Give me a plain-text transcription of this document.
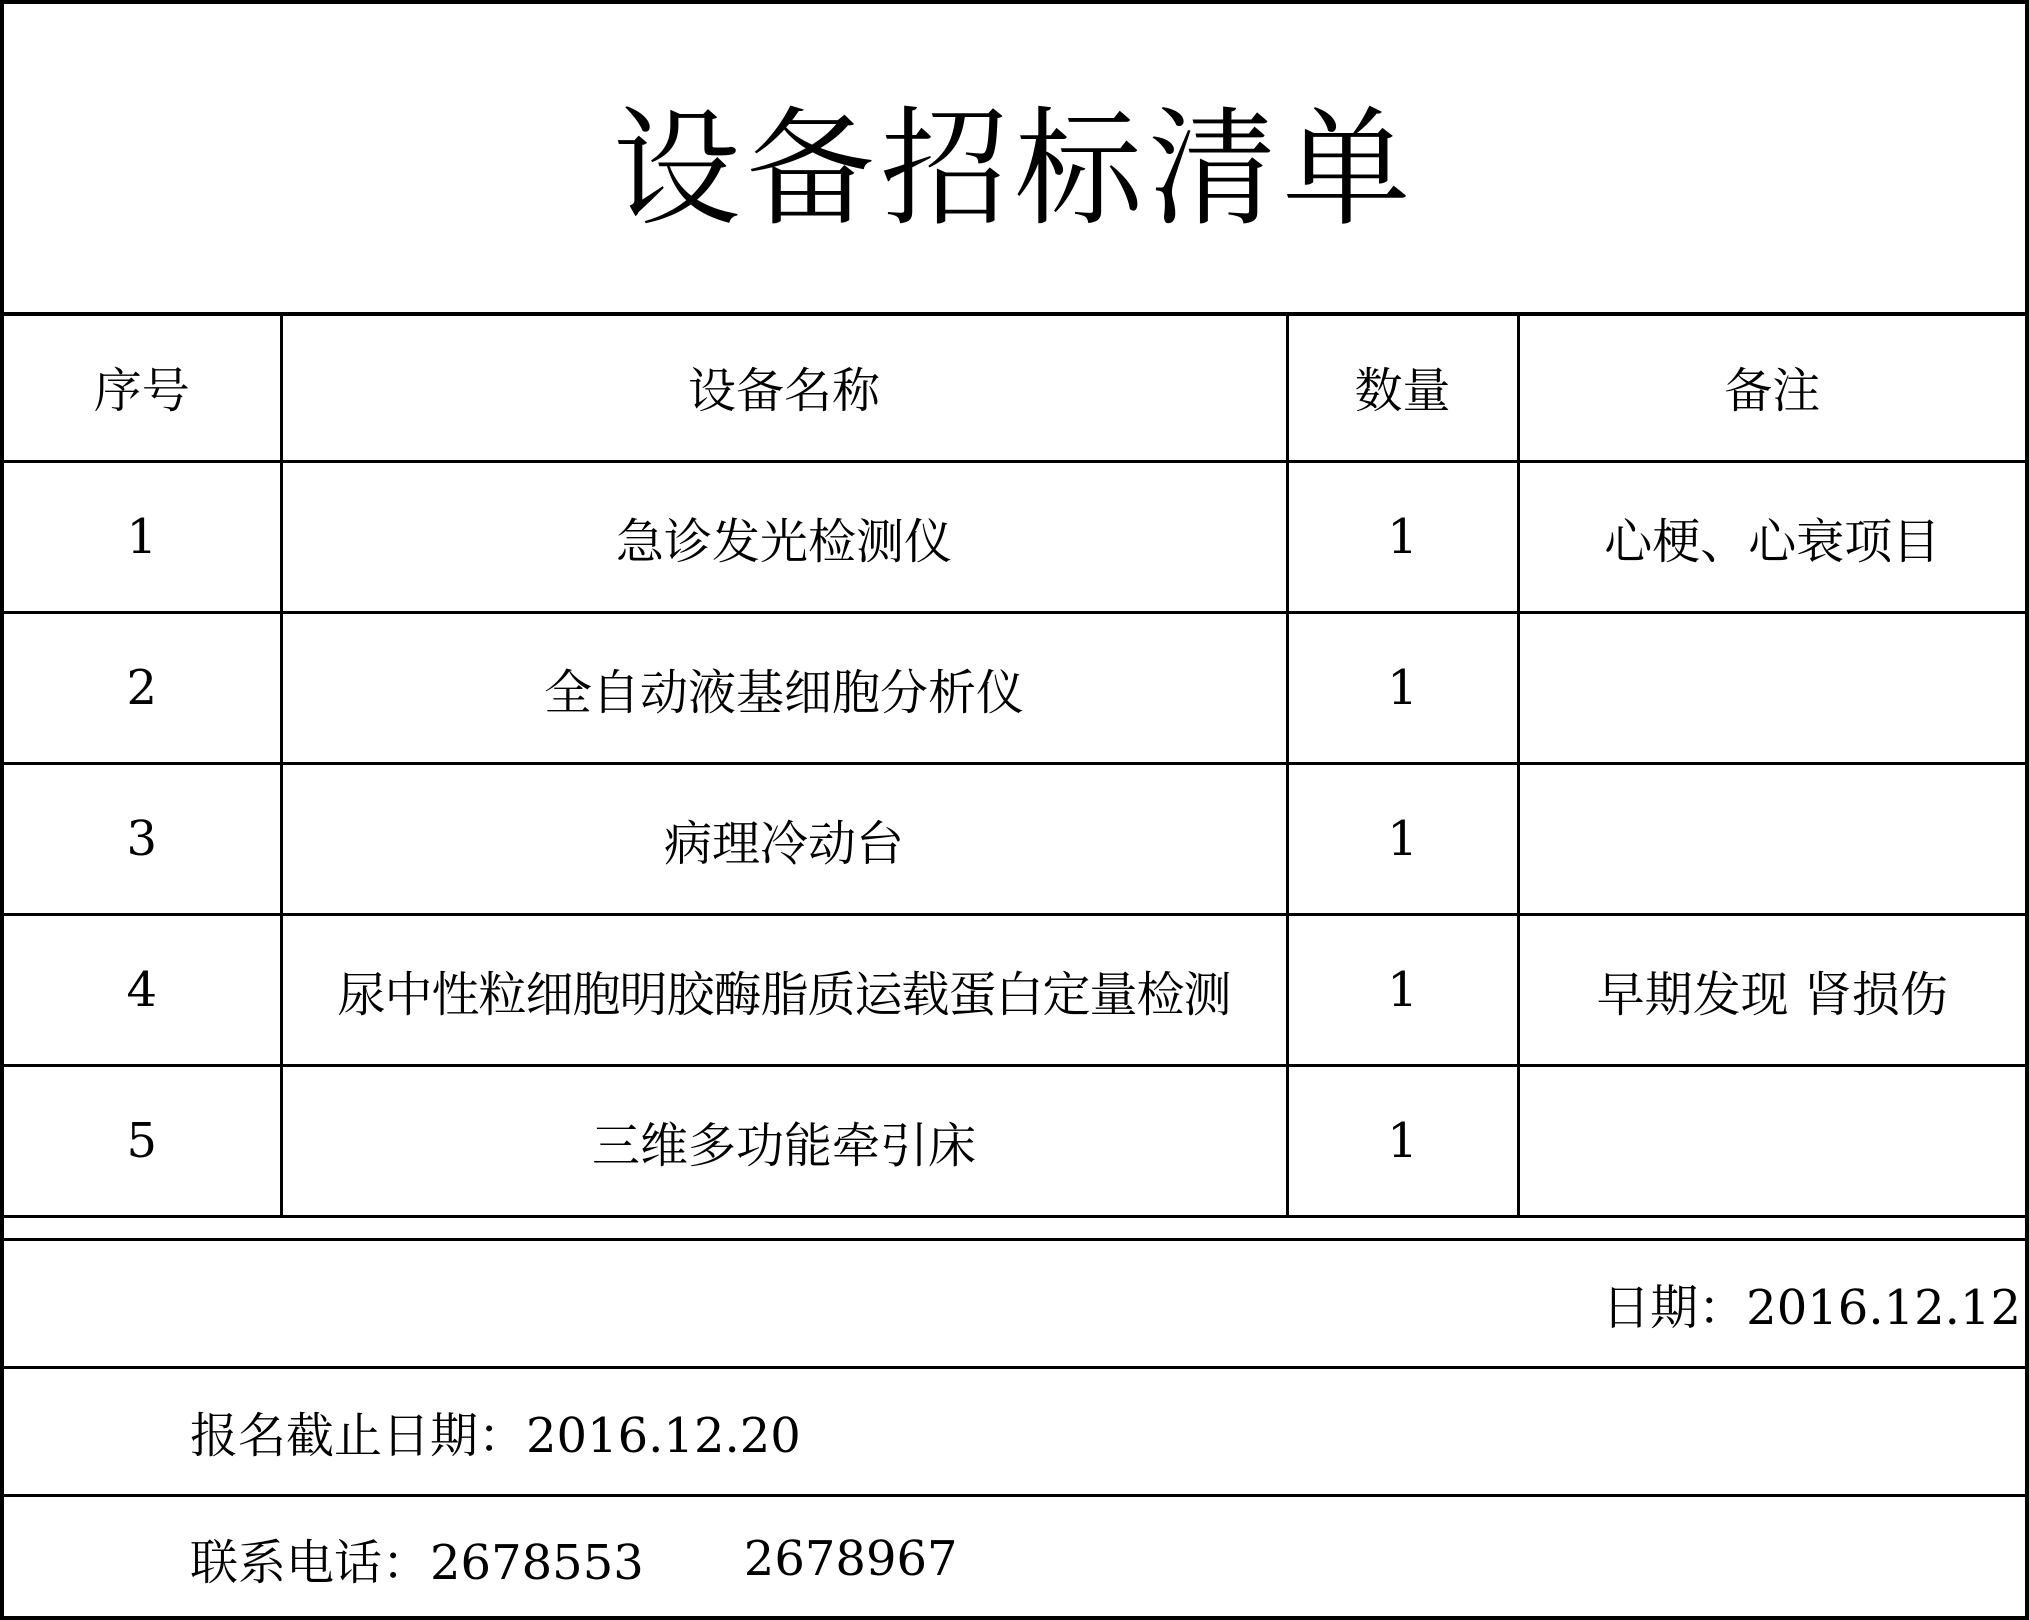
设备招标清单
序号	设备名称	数量	备注
1	急诊发光检测仪	1	心梗、心衰项目
2	全自动液基细胞分析仪	1	
3	病理冷动台	1	
4	尿中性粒细胞明胶酶脂质运载蛋白定量检测	1	早期发现 肾损伤
5	三维多功能牵引床	1	
日期：2016.12.12
报名截止日期：2016.12.20
联系电话：2678553 2678967
